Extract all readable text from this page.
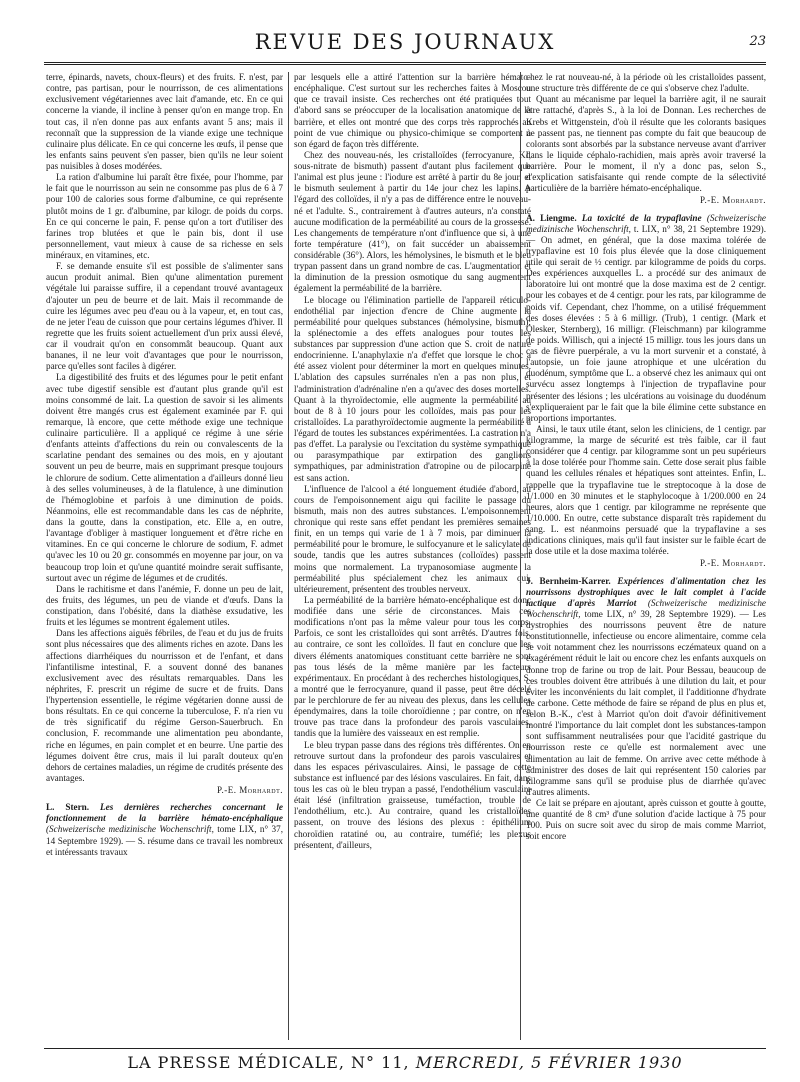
REVUE DES JOURNAUX	23

terre, épinards, navets, choux-fleurs) et des fruits. F. n'est, par contre, pas partisan, pour le nourrisson, de ces alimentations exclusivement végétariennes avec lait d'amande, etc. En ce qui concerne la viande, il incline à penser qu'on en mange trop. En tout cas, il n'en donne pas aux enfants avant 5 ans; mais il reconnaît que la suppression de la viande exige une technique culinaire plus délicate. En ce qui concerne les œufs, il pense que les enfants sains peuvent s'en passer, bien qu'ils ne leur soient pas nuisibles à doses modérées.

La ration d'albumine lui paraît être fixée, pour l'homme, par le fait que le nourrisson au sein ne consomme pas plus de 6 à 7 pour 100 de calories sous forme d'albumine, ce qui représente plutôt moins de 1 gr. d'albumine, par kilogr. de poids du corps. En ce qui concerne le pain, F. pense qu'on a tort d'utiliser des farines trop blutées et que le pain bis, dont il use personnellement, vaut mieux à cause de sa richesse en sels minéraux, en vitamines, etc.

F. se demande ensuite s'il est possible de s'alimenter sans aucun produit animal. Bien qu'une alimentation purement végétale lui paraisse suffire, il a cependant trouvé avantageux d'ajouter un peu de beurre et de lait. Mais il recommande de cuire les légumes avec peu d'eau ou à la vapeur, et, en tout cas, de ne jeter l'eau de cuisson que pour certains légumes d'hiver. Il regrette que les fruits soient actuellement d'un prix aussi élevé, car il voudrait qu'on en consommât beaucoup. Quant aux bananes, il ne leur voit d'avantages que pour le nourrisson, parce qu'elles sont faciles à digérer.

La digestibilité des fruits et des légumes pour le petit enfant avec tube digestif sensible est d'autant plus grande qu'il est moins consommé de lait. La question de savoir si les aliments doivent être mangés crus est également examinée par F. qui remarque, là encore, que cette méthode exige une technique culinaire particulière. Il a appliqué ce régime à une série d'enfants atteints d'affections du rein ou convalescents de la scarlatine pendant des semaines ou des mois, en y ajoutant souvent un peu de beurre, mais en supprimant presque toujours le chlorure de sodium. Cette alimentation a d'ailleurs donné lieu à des selles volumineuses, à de la flatulence, à une diminution de l'hémoglobine et parfois à une diminution de poids. Néanmoins, elle est recommandable dans les cas de néphrite, dans la goutte, dans la constipation, etc. Elle a, en outre, l'avantage d'obliger à mastiquer longuement et d'être riche en vitamines. En ce qui concerne le chlorure de sodium, F. admet qu'avec les 10 ou 20 gr. consommés en moyenne par jour, on va beaucoup trop loin et qu'une quantité moindre serait suffisante, surtout avec un régime de légumes et de crudités.

Dans le rachitisme et dans l'anémie, F. donne un peu de lait, des fruits, des légumes, un peu de viande et d'œufs. Dans la constipation, dans l'obésité, dans la diathèse exsudative, les fruits et les légumes se montrent également utiles.

Dans les affections aiguës fébriles, de l'eau et du jus de fruits sont plus nécessaires que des aliments riches en azote. Dans les affections diarrhéiques du nourrisson et de l'enfant, et dans l'infantilisme intestinal, F. a souvent donné des bananes exclusivement avec des résultats remarquables. Dans les néphrites, F. prescrit un régime de sucre et de fruits. Dans l'hypertension essentielle, le régime végétarien donne aussi de bons résultats. En ce qui concerne la tuberculose, F. n'a rien vu de très significatif du régime Gerson-Sauerbruch. En conclusion, F. recommande une alimentation peu abondante, riche en légumes, en pain complet et en beurre. Une partie des légumes doivent être crus, mais il lui paraît douteux qu'en dehors de certaines maladies, un régime de crudités présente des avantages.

P.-E. Morhardt.

L. Stern. Les dernières recherches concernant le fonctionnement de la barrière hémato-encéphalique (Schweizerische medizinische Wochenschrift, tome LIX, n° 37, 14 Septembre 1929). — S. résume dans ce travail les nombreux et intéressants travaux

par lesquels elle a attiré l'attention sur la barrière hémato-encéphalique. C'est surtout sur les recherches faites à Moscou que ce travail insiste. Ces recherches ont été pratiquées tout d'abord sans se préoccuper de la localisation anatomique de la barrière, et elles ont montré que des corps très rapprochés au point de vue chimique ou physico-chimique se comportent à son égard de façon très différente.

Chez des nouveau-nés, les cristalloïdes (ferrocyanure, KI, sous-nitrate de bismuth) passent d'autant plus facilement que l'animal est plus jeune : l'iodure est arrêté à partir du 8e jour, et le bismuth seulement à partir du 14e jour chez les lapins. A l'égard des colloïdes, il n'y a pas de différence entre le nouveau-né et l'adulte. S., contrairement à d'autres auteurs, n'a constaté aucune modification de la perméabilité au cours de la grossesse. Les changements de température n'ont d'influence que si, à une forte température (41°), on fait succéder un abaissement considérable (36°). Alors, les hémolysines, le bismuth et le bleu trypan passent dans un grand nombre de cas. L'augmentation et la diminution de la pression osmotique du sang augmentent également la perméabilité de la barrière.

Le blocage ou l'élimination partielle de l'appareil réticulo-endothélial par injection d'encre de Chine augmente la perméabilité pour quelques substances (hémolysine, bismuth); la splénectomie a des effets analogues pour toutes les substances par suppression d'une action que S. croit de nature endocrinienne. L'anaphylaxie n'a d'effet que lorsque le choc a été assez violent pour déterminer la mort en quelques minutes. L'ablation des capsules surrénales n'en a pas non plus, et l'administration d'adrénaline n'en a qu'avec des doses mortelles. Quant à la thyroïdectomie, elle augmente la perméabilité au bout de 8 à 10 jours pour les colloïdes, mais pas pour les cristalloïdes. La parathyroïdectomie augmente la perméabilité à l'égard de toutes les substances expérimentées. La castration n'a pas d'effet. La paralysie ou l'excitation du système sympathique ou parasympathique par extirpation des ganglions sympathiques, par administration d'atropine ou de pilocarpine est sans action.

L'influence de l'alcool a été longuement étudiée d'abord, au cours de l'empoisonnement aigu qui facilite le passage du bismuth, mais non des autres substances. L'empoisonnement chronique qui reste sans effet pendant les premières semaines finit, en un temps qui varie de 1 à 7 mois, par diminuer la perméabilité pour le bromure, le sulfocyanure et le salicylate de soude, tandis que les autres substances (colloïdes) passent moins que normalement. La trypanosomiase augmente la perméabilité plus spécialement chez les animaux qui, ultérieurement, présentent des troubles nerveux.

La perméabilité de la barrière hémato-encéphalique est donc modifiée dans une série de circonstances. Mais ces modifications n'ont pas la même valeur pour tous les corps. Parfois, ce sont les cristalloïdes qui sont arrêtés. D'autres fois, au contraire, ce sont les colloïdes. Il faut en conclure que les divers éléments anatomiques constituant cette barrière ne sont pas tous lésés de la même manière par les facteurs expérimentaux. En procédant à des recherches histologiques, S. a montré que le ferrocyanure, quand il passe, peut être décelé par le perchlorure de fer au niveau des plexus, dans les cellules épendymaires, dans la toile choroïdienne ; par contre, on n'en trouve pas trace dans la profondeur des parois vasculaires, tandis que la lumière des vaisseaux en est remplie.

Le bleu trypan passe dans des régions très différentes. On en retrouve surtout dans la profondeur des parois vasculaires et dans les espaces périvasculaires. Ainsi, le passage de cette substance est influencé par des lésions vasculaires. En fait, dans tous les cas où le bleu trypan a passé, l'endothélium vasculaire était lésé (infiltration graisseuse, tuméfaction, trouble de l'endothélium, etc.). Au contraire, quand les cristalloïdes passent, on trouve des lésions des plexus : épithélium choroïdien ratatiné ou, au contraire, tuméfié; les plexus présentent, d'ailleurs,

chez le rat nouveau-né, à la période où les cristalloïdes passent, une structure très différente de ce qui s'observe chez l'adulte.

Quant au mécanisme par lequel la barrière agit, il ne saurait être rattaché, d'après S., à la loi de Donnan. Les recherches de Krebs et Wittgenstein, d'où il résulte que les colorants basiques ne passent pas, ne tiennent pas compte du fait que beaucoup de colorants sont absorbés par la substance nerveuse avant d'arriver dans le liquide céphalo-rachidien, mais après avoir traversé la barrière. Pour le moment, il n'y a donc pas, selon S., d'explication satisfaisante qui rende compte de la sélectivité particulière de la barrière hémato-encéphalique.

P.-E. Morhardt.

A. Liengme. La toxicité de la trypaflavine (Schweizerische medizinische Wochenschrift, t. LIX, n° 38, 21 Septembre 1929). — On admet, en général, que la dose maxima tolérée de trypaflavine est 10 fois plus élevée que la dose cliniquement utile qui serait de ½ centigr. par kilogramme de poids du corps. Des expériences auxquelles L. a procédé sur des animaux de laboratoire lui ont montré que la dose maxima est de 2 centigr. pour les cobayes et de 4 centigr. pour les rats, par kilogramme de poids vif. Cependant, chez l'homme, on a utilisé fréquemment des doses élevées : 5 à 6 milligr. (Trub), 1 centigr. (Mark et Olesker, Sternberg), 16 milligr. (Fleischmann) par kilogramme de poids. Willisch, qui a injecté 15 milligr. tous les jours dans un cas de fièvre puerpérale, a vu la mort survenir et a constaté, à l'autopsie, un foie jaune atrophique et une ulcération du duodénum, symptôme que L. a observé chez les animaux qui ont survécu assez longtemps à l'injection de trypaflavine pour présenter des lésions ; les ulcérations au voisinage du duodénum s'expliqueraient par le fait que la bile élimine cette substance en proportions importantes.

Ainsi, le taux utile étant, selon les cliniciens, de 1 centigr. par kilogramme, la marge de sécurité est très faible, car il faut considérer que 4 centigr. par kilogramme sont un peu supérieurs à la dose tolérée pour l'homme sain. Cette dose serait plus faible quand les cellules rénales et hépatiques sont atteintes. Enfin, L. rappelle que la trypaflavine tue le streptocoque à la dose de 1/1.000 en 30 minutes et le staphylocoque à 1/200.000 en 24 heures, alors que 1 centigr. par kilogramme ne représente que 1/10.000. En outre, cette substance disparaît très rapidement du sang. L. est néanmoins persuadé que la trypaflavine a ses indications cliniques, mais qu'il faut insister sur le faible écart de la dose utile et la dose maxima tolérée.

P.-E. Morhardt.

J. Bernheim-Karrer. Expériences d'alimentation chez les nourrissons dystrophiques avec le lait complet à l'acide lactique d'après Marriot (Schweizerische medizinische Wochenschrift, tome LIX, n° 39, 28 Septembre 1929). — Les dystrophies des nourrissons peuvent être de nature constitutionnelle, infectieuse ou encore alimentaire, comme cela se voit notamment chez les nourrissons eczémateux quand on a exagérément réduit le lait ou encore chez les enfants auxquels on donne trop de farine ou trop de lait. Pour Bessau, beaucoup de ces troubles doivent être attribués à une dilution du lait, et pour éviter les inconvénients du lait complet, il l'additionne d'hydrate de carbone. Cette méthode de faire se répand de plus en plus et, selon B.-K., c'est à Marriot qu'on doit d'avoir définitivement montré l'importance du lait complet dont les substances-tampon sont suffisamment neutralisées pour que l'acidité gastrique du nourrisson reste ce qu'elle est normalement avec une alimentation au lait de femme. On arrive avec cette méthode à administrer des doses de lait qui représentent 150 calories par kilogramme sans qu'il se produise plus de diarrhée qu'avec d'autres aliments.

Ce lait se prépare en ajoutant, après cuisson et goutte à goutte, une quantité de 8 cm³ d'une solution d'acide lactique à 75 pour 100. Puis on sucre soit avec du sirop de mais comme Marriot, soit encore

LA PRESSE MÉDICALE, N° 11, MERCREDI, 5 FÉVRIER 1930
